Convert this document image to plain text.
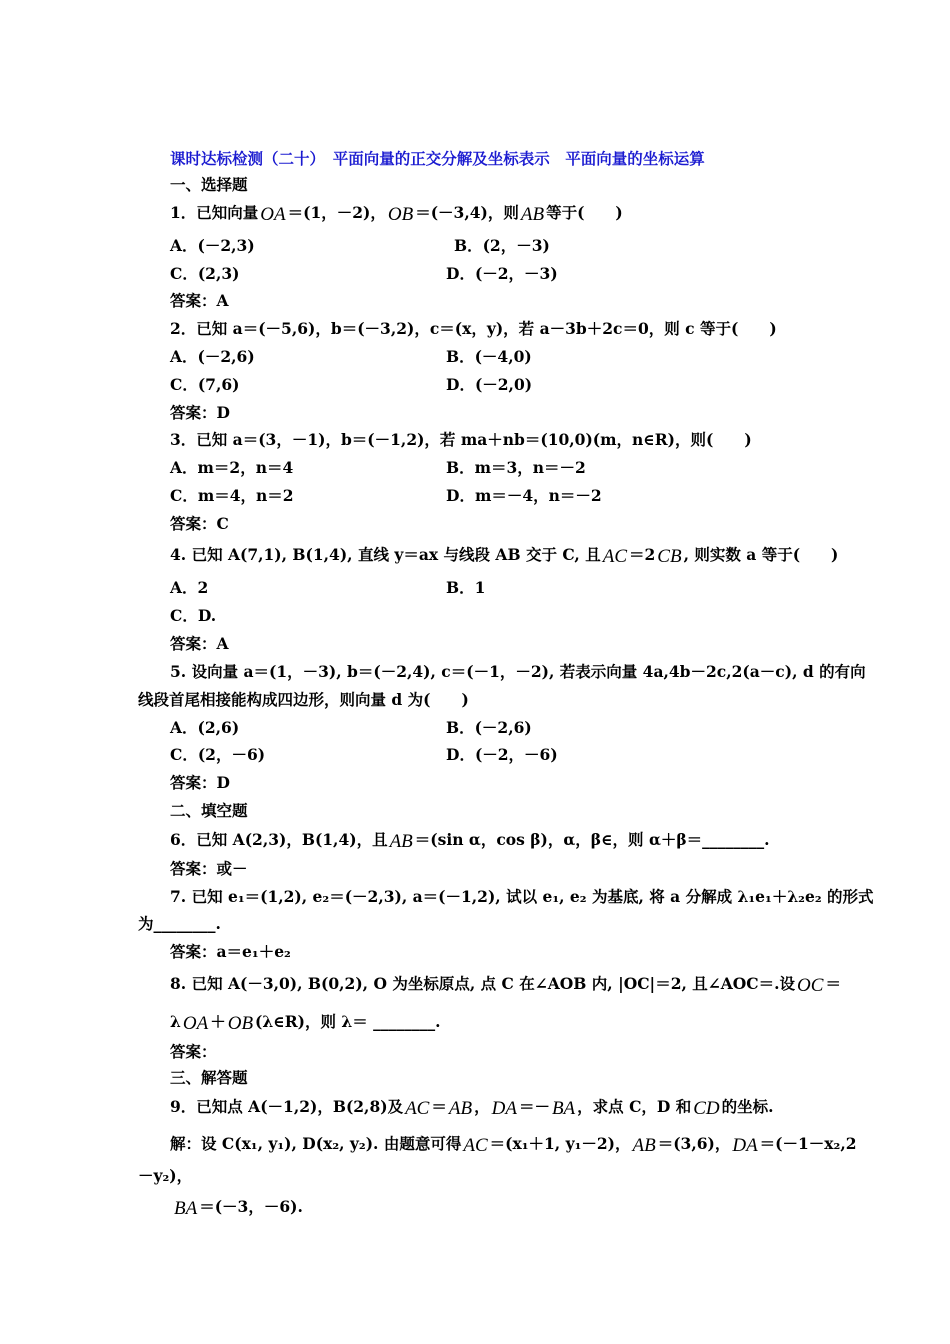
课时达标检测（二十）　平面向量的正交分解及坐标表示　平面向量的坐标运算
一、选择题
1．已知向量 OA ＝(1，－2)， OB ＝(－3,4)，则 AB 等于(　　)
A．(－2,3)	B．(2，－3)
C．(2,3)	D．(－2，－3)
答案：A
2．已知 a＝(－5,6)，b＝(－3,2)，c＝(x，y)，若 a－3b＋2c＝0，则 c 等于(　　)
A．(－2,6)	B．(－4,0)
C．(7,6)	D．(－2,0)
答案：D
3．已知 a＝(3，－1)，b＝(－1,2)，若 ma＋nb＝(10,0)(m，n∈R)，则(　　)
A．m＝2，n＝4	B．m＝3，n＝－2
C．m＝4，n＝2	D．m＝－4，n＝－2
答案：C
4. 已知 A(7,1), B(1,4), 直线 y＝ax 与线段 AB 交于 C, 且 AC ＝2 CB , 则实数 a 等于(　　)
A．2	B．1
C．D.
答案：A
5. 设向量 a＝(1，－3), b＝(－2,4), c＝(－1，－2), 若表示向量 4a,4b－2c,2(a－c), d 的有向
线段首尾相接能构成四边形，则向量 d 为(　　)
A．(2,6)	B．(－2,6)
C．(2，－6)	D．(－2，－6)
答案：D
二、填空题
6．已知 A(2,3)，B(1,4)，且 AB ＝(sin α，cos β)，α，β∈，则 α＋β＝________.
答案：或－
7. 已知 e₁＝(1,2), e₂＝(－2,3), a＝(－1,2), 试以 e₁, e₂ 为基底, 将 a 分解成 λ₁e₁＋λ₂e₂ 的形式
为________.
答案：a＝e₁＋e₂
8. 已知 A(－3,0), B(0,2), O 为坐标原点, 点 C 在∠AOB 内, |OC|＝2, 且∠AOC＝.设 OC ＝
λ OA ＋ OB (λ∈R)，则 λ＝ ________.
答案：
三、解答题
9．已知点 A(－1,2)，B(2,8)及 AC ＝ AB ， DA ＝－ BA ，求点 C，D 和 CD 的坐标.
解：设 C(x₁, y₁), D(x₂, y₂). 由题意可得 AC ＝(x₁＋1, y₁－2)， AB ＝(3,6)， DA ＝(－1－x₂,2
－y₂)，
BA ＝(－3，－6).
